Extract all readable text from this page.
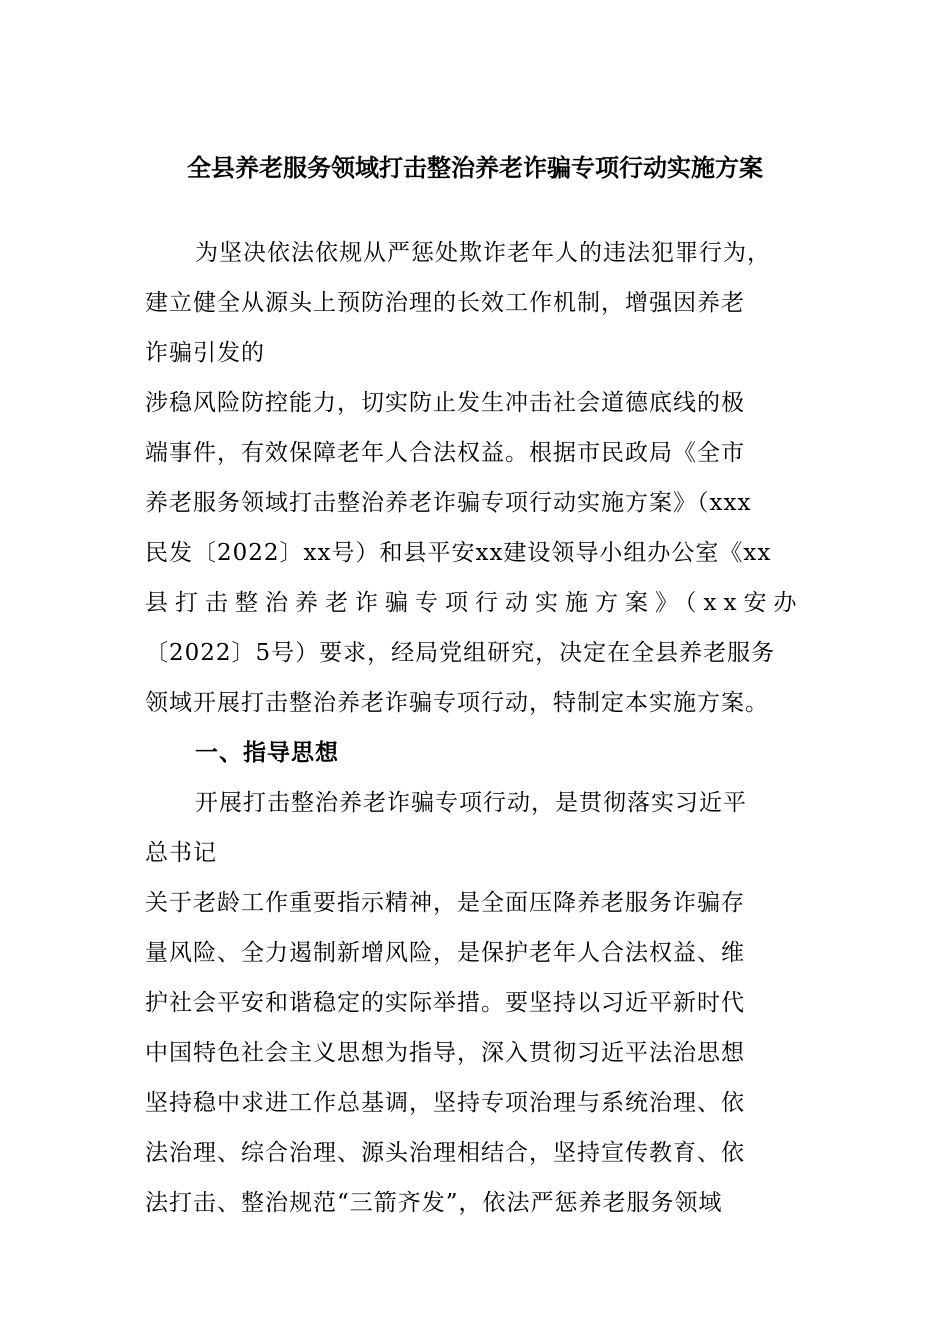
全县养老服务领域打击整治养老诈骗专项行动实施方案
为坚决依法依规从严惩处欺诈老年人的违法犯罪行为，
建立健全从源头上预防治理的长效工作机制，增强因养老
诈骗引发的
涉稳风险防控能力，切实防止发生冲击社会道德底线的极
端事件，有效保障老年人合法权益。根据市民政局《全市
养老服务领域打击整治养老诈骗专项行动实施方案》（xxx
民发〔2022〕xx号）和县平安xx建设领导小组办公室《xx
县打击整治养老诈骗专项行动实施方案》（xx安办
〔2022〕5号）要求，经局党组研究，决定在全县养老服务
领域开展打击整治养老诈骗专项行动，特制定本实施方案。
一、指导思想
开展打击整治养老诈骗专项行动，是贯彻落实习近平
总书记
关于老龄工作重要指示精神，是全面压降养老服务诈骗存
量风险、全力遏制新增风险，是保护老年人合法权益、维
护社会平安和谐稳定的实际举措。要坚持以习近平新时代
中国特色社会主义思想为指导，深入贯彻习近平法治思想
坚持稳中求进工作总基调，坚持专项治理与系统治理、依
法治理、综合治理、源头治理相结合，坚持宣传教育、依
法打击、整治规范“三箭齐发”，依法严惩养老服务领域
